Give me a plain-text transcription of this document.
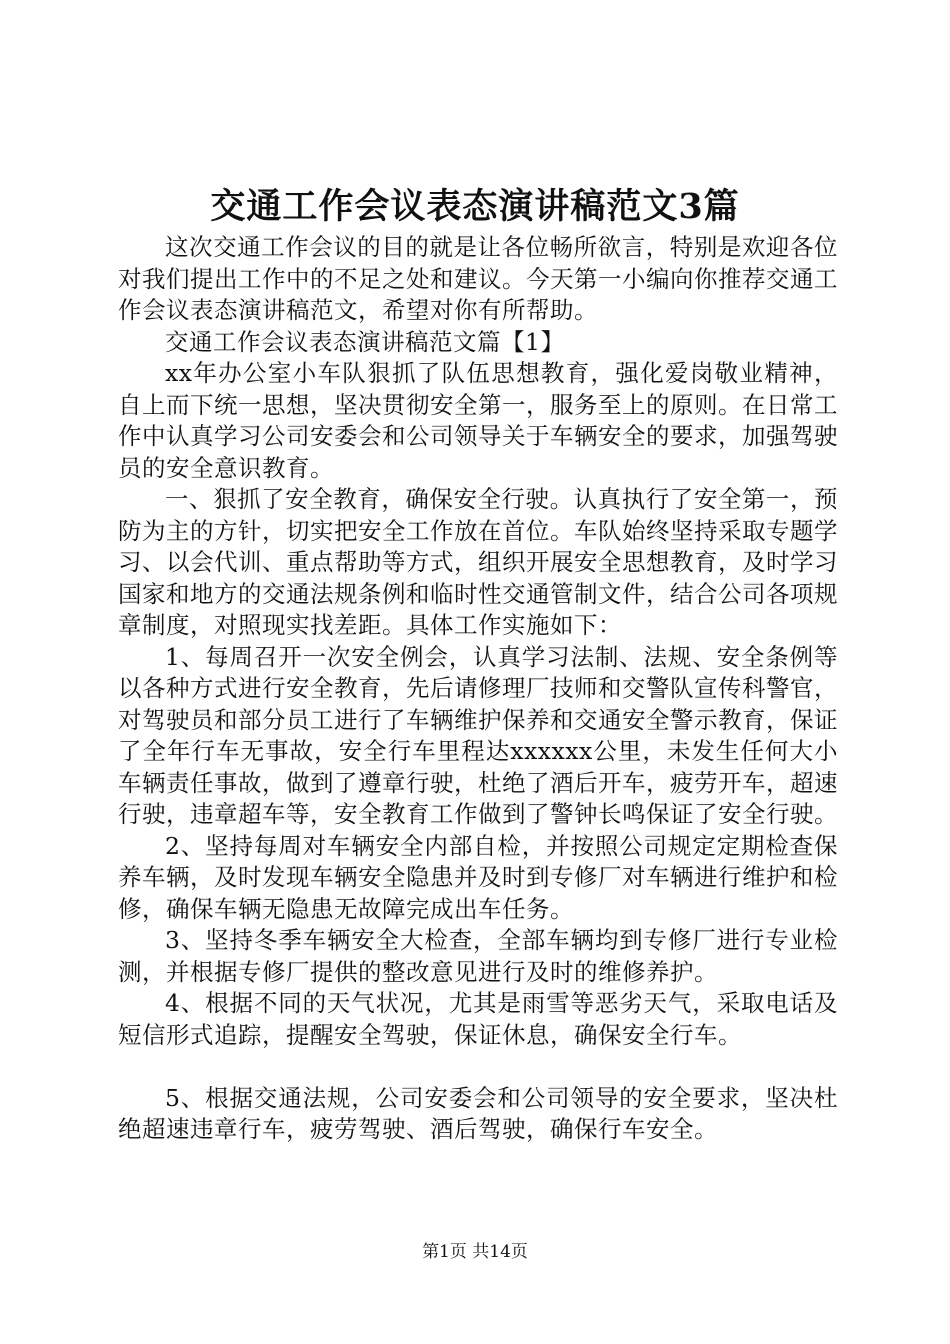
交通工作会议表态演讲稿范文3篇

这次交通工作会议的目的就是让各位畅所欲言，特别是欢迎各位对我们提出工作中的不足之处和建议。今天第一小编向你推荐交通工作会议表态演讲稿范文，希望对你有所帮助。

交通工作会议表态演讲稿范文篇【1】

xx年办公室小车队狠抓了队伍思想教育，强化爱岗敬业精神，自上而下统一思想，坚决贯彻安全第一，服务至上的原则。在日常工作中认真学习公司安委会和公司领导关于车辆安全的要求，加强驾驶员的安全意识教育。

一、狠抓了安全教育，确保安全行驶。认真执行了安全第一，预防为主的方针，切实把安全工作放在首位。车队始终坚持采取专题学习、以会代训、重点帮助等方式，组织开展安全思想教育，及时学习国家和地方的交通法规条例和临时性交通管制文件，结合公司各项规章制度，对照现实找差距。具体工作实施如下：

1、每周召开一次安全例会，认真学习法制、法规、安全条例等以各种方式进行安全教育，先后请修理厂技师和交警队宣传科警官，对驾驶员和部分员工进行了车辆维护保养和交通安全警示教育，保证了全年行车无事故，安全行车里程达xxxxxx公里，未发生任何大小车辆责任事故，做到了遵章行驶，杜绝了酒后开车，疲劳开车，超速行驶，违章超车等，安全教育工作做到了警钟长鸣保证了安全行驶。

2、坚持每周对车辆安全内部自检，并按照公司规定定期检查保养车辆，及时发现车辆安全隐患并及时到专修厂对车辆进行维护和检修，确保车辆无隐患无故障完成出车任务。

3、坚持冬季车辆安全大检查，全部车辆均到专修厂进行专业检测，并根据专修厂提供的整改意见进行及时的维修养护。

4、根据不同的天气状况，尤其是雨雪等恶劣天气，采取电话及短信形式追踪，提醒安全驾驶，保证休息，确保安全行车。

5、根据交通法规，公司安委会和公司领导的安全要求，坚决杜绝超速违章行车，疲劳驾驶、酒后驾驶，确保行车安全。

第1页 共14页
